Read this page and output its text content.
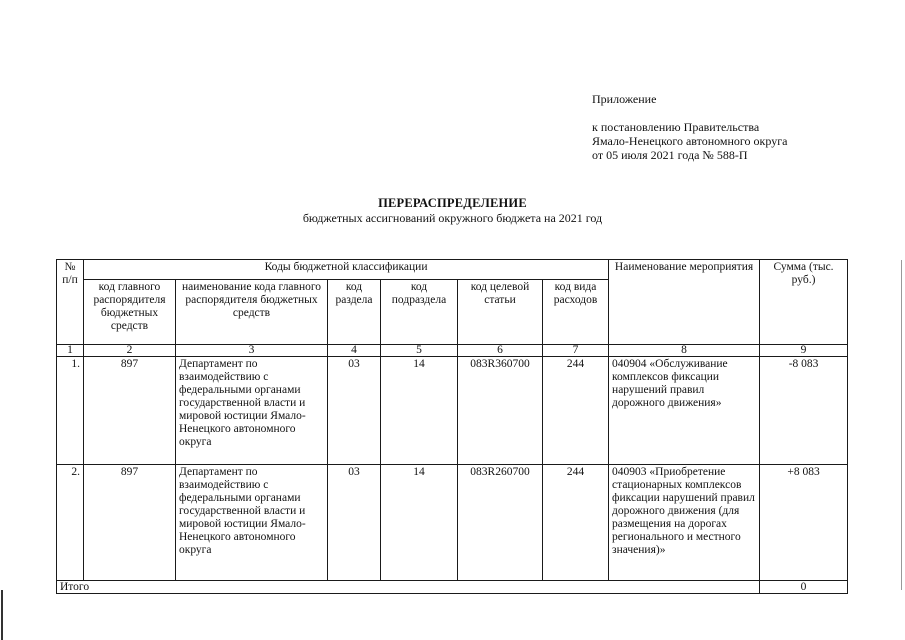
Приложение
к постановлению Правительства
Ямало-Ненецкого автономного округа
от 05 июля 2021 года № 588-П
ПЕРЕРАСПРЕДЕЛЕНИЕ
бюджетных ассигнований окружного бюджета на 2021 год
№ п/п	Коды бюджетной классификации						Наименование мероприятия	Сумма (тыс. руб.)
	код главного распорядителя бюджетных средств	наименование кода главного распорядителя бюджетных средств	код раздела	код подраздела	код целевой статьи	код вида расходов		
1	2	3	4	5	6	7	8	9
1.	897	Департамент по взаимодействию с федеральными органами государственной власти и мировой юстиции Ямало-Ненецкого автономного округа	03	14	083R360700	244	040904 «Обслуживание комплексов фиксации нарушений правил дорожного движения»	-8 083
2.	897	Департамент по взаимодействию с федеральными органами государственной власти и мировой юстиции Ямало-Ненецкого автономного округа	03	14	083R260700	244	040903 «Приобретение стационарных комплексов фиксации нарушений правил дорожного движения (для размещения на дорогах регионального и местного значения)»	+8 083
Итого								0
